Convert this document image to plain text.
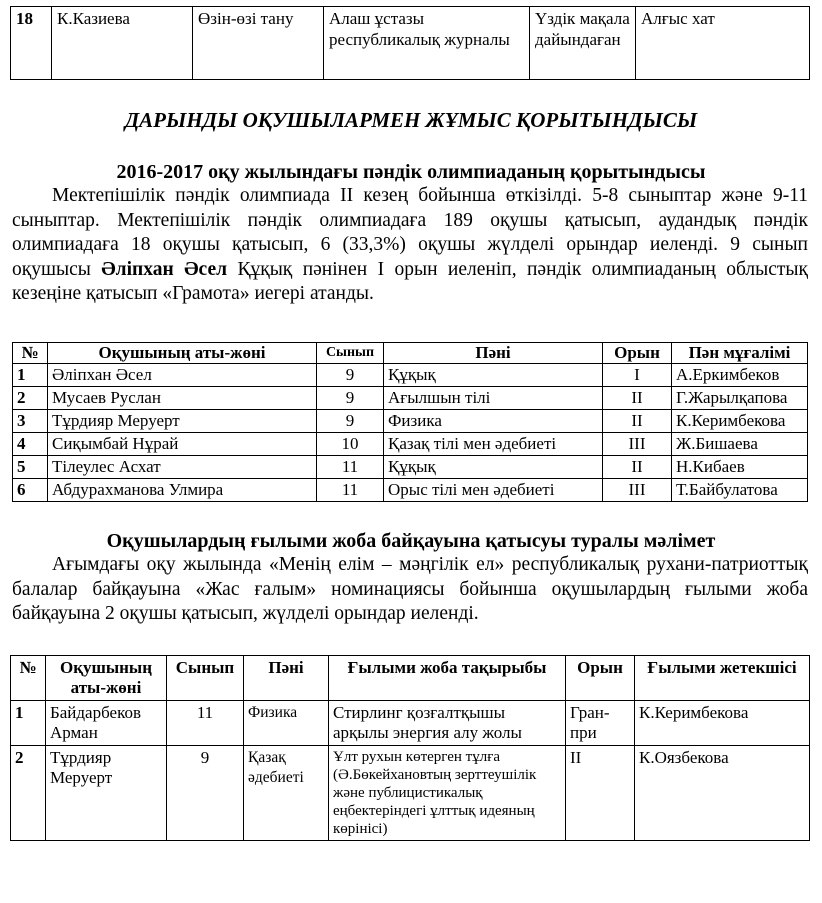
18	К.Казиева	Өзін-өзі тану	Алаш ұстазы республикалық журналы	Үздік мақала дайындаған	Алғыс хат
ДАРЫНДЫ ОҚУШЫЛАРМЕН ЖҰМЫС ҚОРЫТЫНДЫСЫ
2016-2017 оқу жылындағы пәндік олимпиаданың қорытындысы

Мектепішілік пәндік олимпиада ІІ кезең бойынша өткізілді. 5-8 сыныптар және 9-11 сыныптар. Мектепішілік пәндік олимпиадаға 189 оқушы қатысып, аудандық пәндік олимпиадаға 18 оқушы қатысып, 6 (33,3%) оқушы жүлделі орындар иеленді. 9 сынып оқушысы Әліпхан Әсел Құқық пәнінен І орын иеленіп, пәндік олимпиаданың облыстық кезеңіне қатысып «Грамота» иегері атанды.

№	Оқушының аты-жөні	Сынып	Пәні	Орын	Пән мұғалімі
1	Әліпхан Әсел	9	Құқық	І	А.Еркимбеков
2	Мусаев Руслан	9	Ағылшын тілі	ІІ	Г.Жарылқапова
3	Тұрдияр Меруерт	9	Физика	ІІ	К.Керимбекова
4	Сиқымбай Нұрай	10	Қазақ тілі мен әдебиеті	ІІІ	Ж.Бишаева
5	Тілеулес Асхат	11	Құқық	ІІ	Н.Кибаев
6	Абдурахманова Улмира	11	Орыс тілі мен әдебиеті	ІІІ	Т.Байбулатова
Оқушылардың ғылыми жоба байқауына қатысуы туралы мәлімет

Ағымдағы оқу жылында «Менің елім – мәңгілік ел» республикалық рухани-патриоттық балалар байқауына «Жас ғалым» номинациясы бойынша оқушылардың ғылыми жоба байқауына 2 оқушы қатысып, жүлделі орындар иеленді.

№	Оқушының аты-жөні	Сынып	Пәні	Ғылыми жоба тақырыбы	Орын	Ғылыми жетекшісі
1	Байдарбеков Арман	11	Физика	Стирлинг қозғалтқышы арқылы энергия алу жолы	Гран-при	К.Керимбекова
2	Тұрдияр Меруерт	9	Қазақ әдебиеті	Ұлт рухын көтерген тұлға (Ә.Бөкейхановтың зерттеушілік және публицистикалық еңбектеріндегі ұлттық идеяның көрінісі)	ІІ	К.Оязбекова
